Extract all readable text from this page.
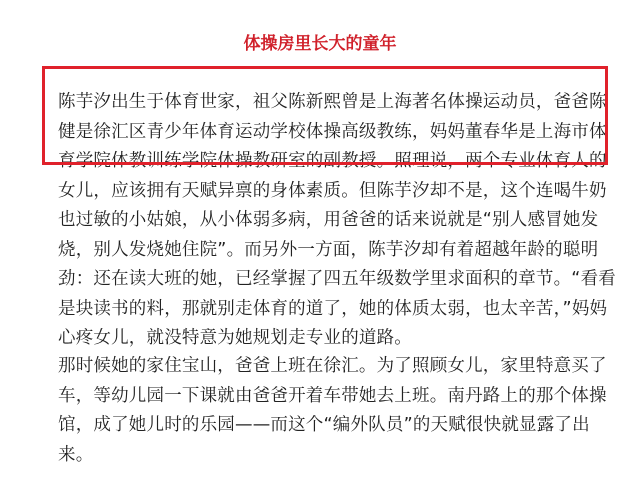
体操房里长大的童年

陈芋汐出生于体育世家，祖父陈新熙曾是上海著名体操运动员，爸爸陈健是徐汇区青少年体育运动学校体操高级教练，妈妈董春华是上海市体育学院体教训练学院体操教研室的副教授。照理说，两个专业体育人的女儿，应该拥有天赋异禀的身体素质。但陈芋汐却不是，这个连喝牛奶也过敏的小姑娘，从小体弱多病，用爸爸的话来说就是“别人感冒她发烧，别人发烧她住院”。而另外一方面，陈芋汐却有着超越年龄的聪明劲：还在读大班的她，已经掌握了四五年级数学里求面积的章节。“看看是块读书的料，那就别走体育的道了，她的体质太弱，也太辛苦，”妈妈心疼女儿，就没特意为她规划走专业的道路。

那时候她的家住宝山，爸爸上班在徐汇。为了照顾女儿，家里特意买了车，等幼儿园一下课就由爸爸开着车带她去上班。南丹路上的那个体操馆，成了她儿时的乐园——而这个“编外队员”的天赋很快就显露了出来。
